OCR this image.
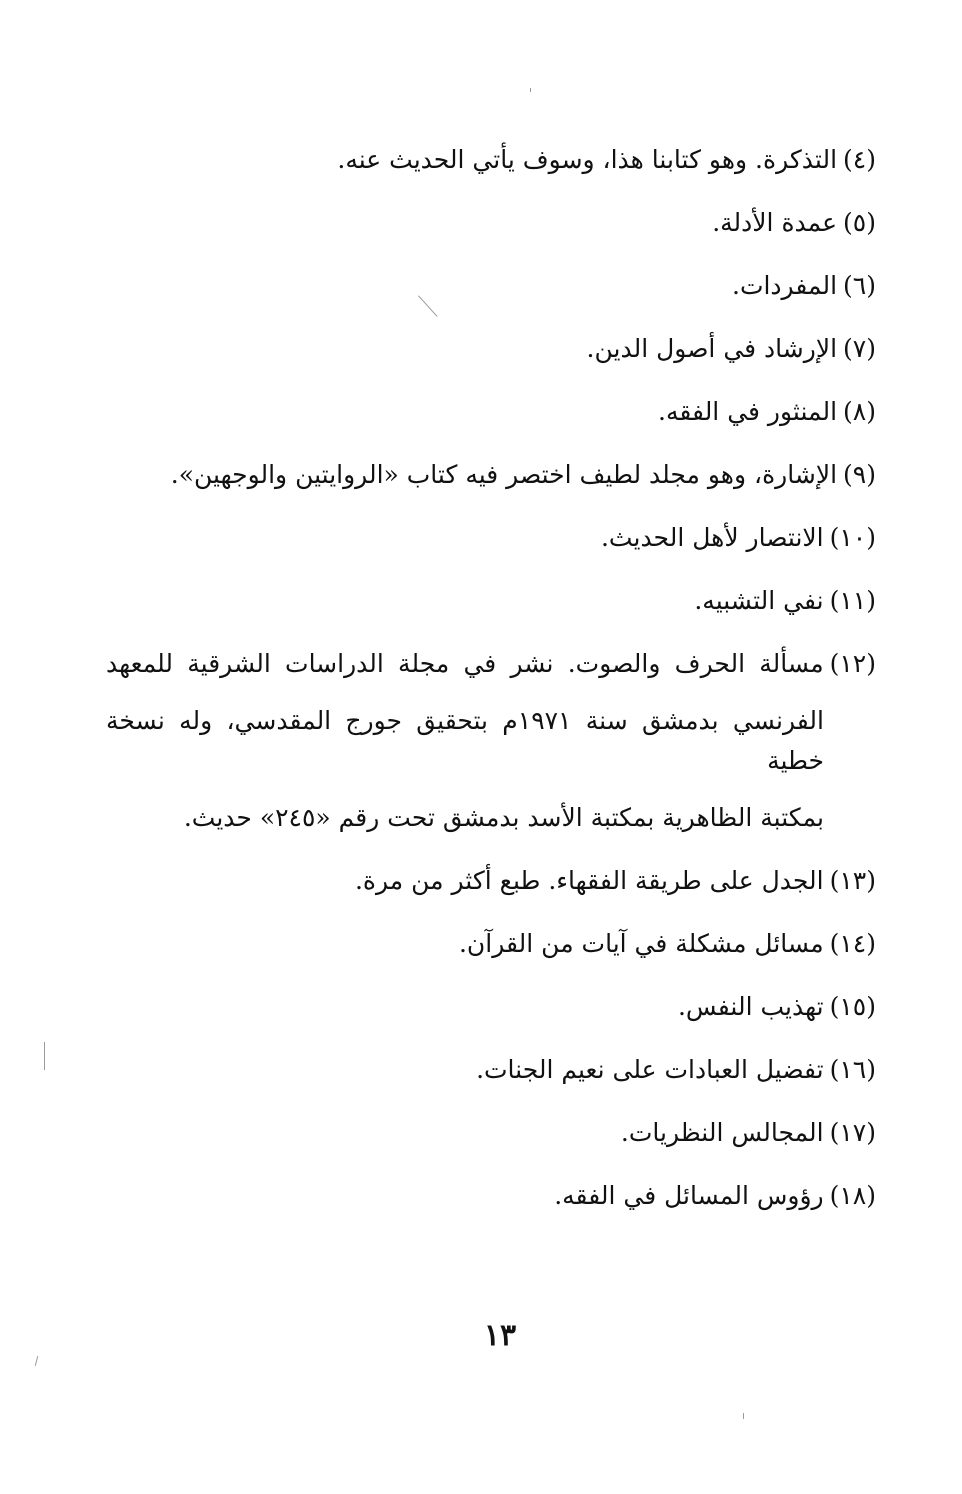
(٤)التذكرة. وهو كتابنا هذا، وسوف يأتي الحديث عنه.
(٥)عمدة الأدلة.
(٦)المفردات.
(٧)الإرشاد في أصول الدين.
(٨)المنثور في الفقه.
(٩)الإشارة، وهو مجلد لطيف اختصر فيه كتاب «الروايتين والوجهين».
(١٠)الانتصار لأهل الحديث.
(١١)نفي التشبيه.
(١٢)مسألة الحرف والصوت. نشر في مجلة الدراسات الشرقية للمعهد
الفرنسي بدمشق سنة ١٩٧١م بتحقيق جورج المقدسي، وله نسخة خطية
بمكتبة الظاهرية بمكتبة الأسد بدمشق تحت رقم «٢٤٥» حديث.
(١٣)الجدل على طريقة الفقهاء. طبع أكثر من مرة.
(١٤)مسائل مشكلة في آيات من القرآن.
(١٥)تهذيب النفس.
(١٦)تفضيل العبادات على نعيم الجنات.
(١٧)المجالس النظريات.
(١٨)رؤوس المسائل في الفقه.
١٣
